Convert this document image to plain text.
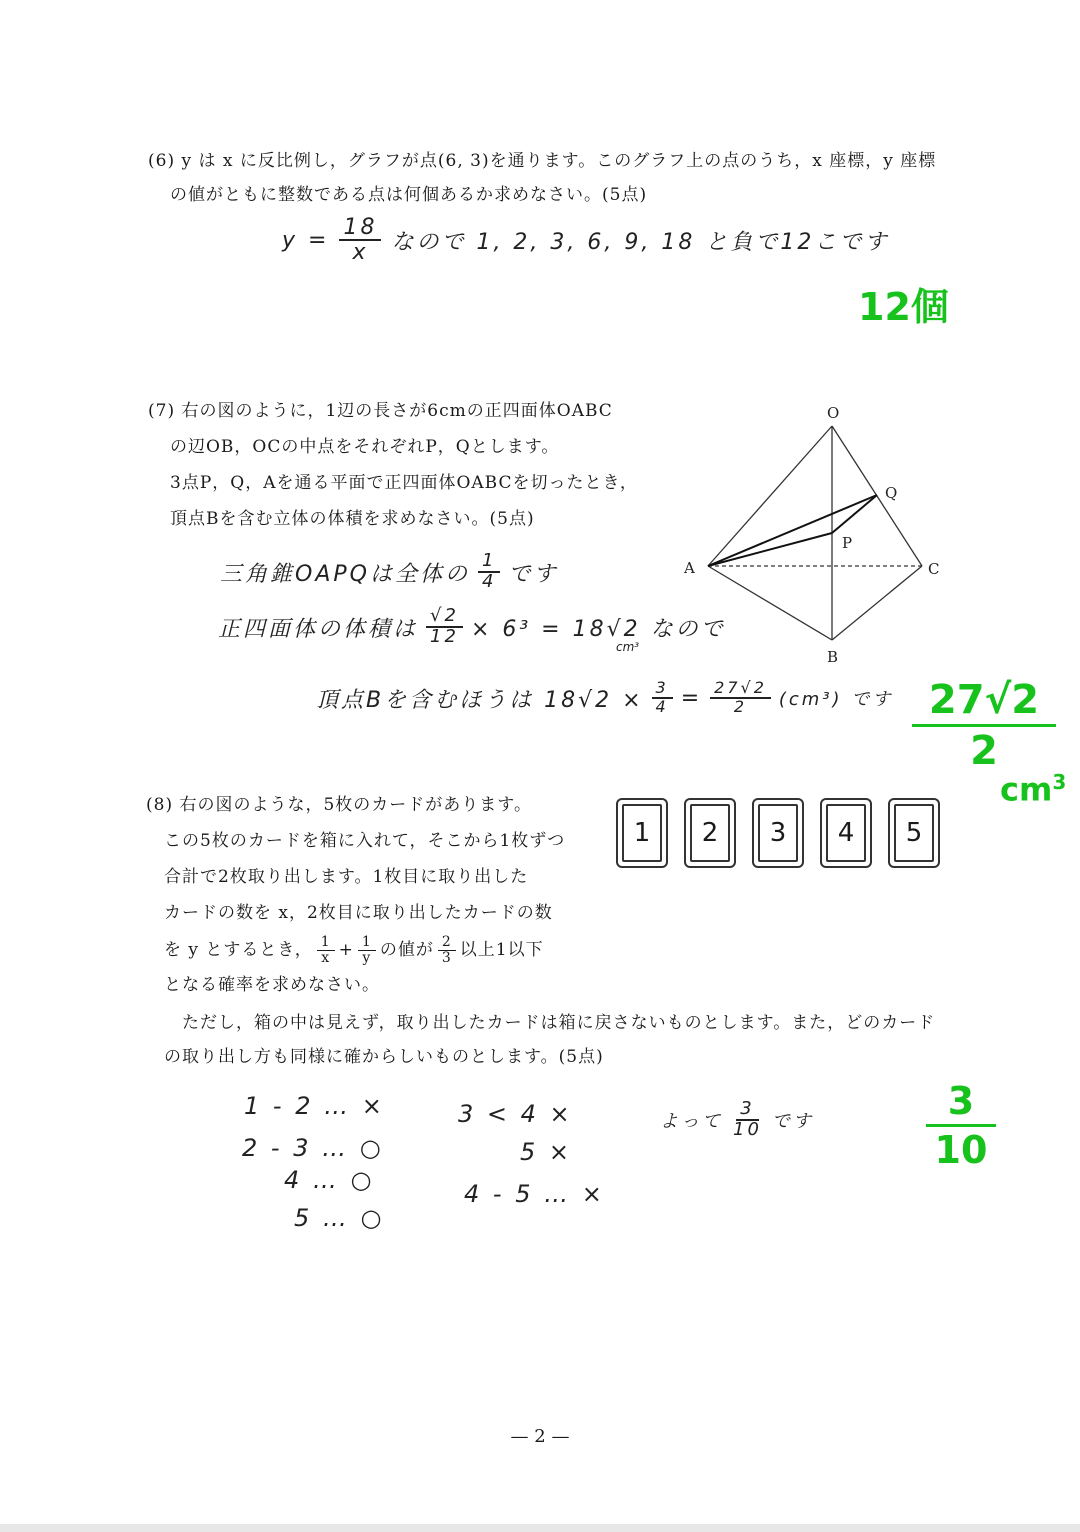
(6) y は x に反比例し，グラフが点(6, 3)を通ります。このグラフ上の点のうち，x 座標，y 座標
の値がともに整数である点は何個あるか求めなさい。(5点)
$y = \frac{18}{x}$ なので 1, 2, 3, 6, 9, 18 と負で12こです
12個
(7) 右の図のように，1辺の長さが6cmの正四面体OABC
の辺OB，OCの中点をそれぞれP，Qとします。
3点P，Q，Aを通る平面で正四面体OABCを切ったとき，
頂点Bを含む立体の体積を求めなさい。(5点)
O
A
B
C
P
Q
三角錐OAPQは全体の $\frac{1}{4}$ です
正四面体の体積は $\frac{√2}{12} \times 6^3 = 18√2$ なので
cm³
頂点Bを含むほうは $18√2 \times \frac{3}{4} = \frac{27√2}{2} (cm^3)$ です $\frac{27√2}{2}$
$cm^3$
(8) 右の図のような，5枚のカードがあります。
この5枚のカードを箱に入れて，そこから1枚ずつ
合計で2枚取り出します。1枚目に取り出した
カードの数を x，2枚目に取り出したカードの数
を y とするとき， $\frac{1}{x} + \frac{1}{y}$ の値が $\frac{2}{3}$ 以上1以下
となる確率を求めなさい。
ただし，箱の中は見えず，取り出したカードは箱に戻さないものとします。また，どのカード
の取り出し方も同様に確からしいものとします。(5点)
1	2	3	4	5
1 - 2 … ×
2 - 3 … ○
4 … ○
5 … ○
3 < 4 ×
5 ×
4 - 5 … ×
よって $\frac{3}{10}$ です	$\frac{3}{10}$
— 2 —
